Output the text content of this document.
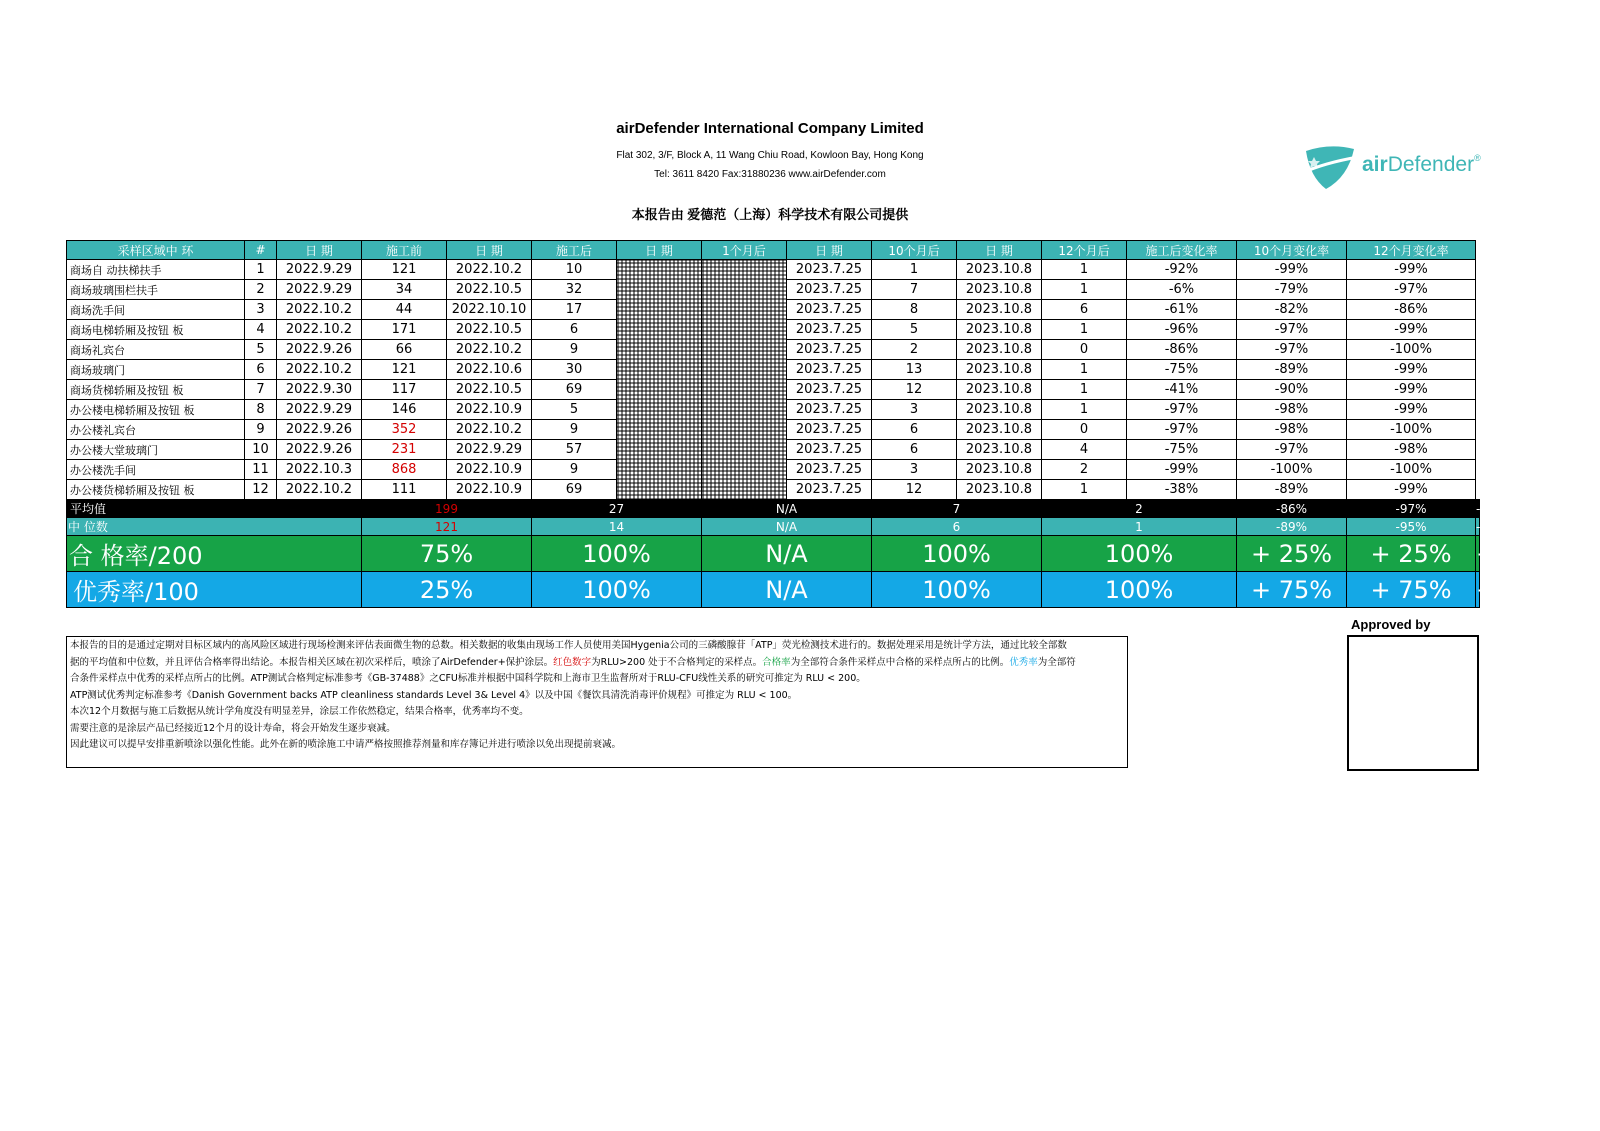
airDefender International Company Limited
Flat 302, 3/F, Block A, 11 Wang Chiu Road, Kowloon Bay, Hong Kong
Tel: 3611 8420 Fax:31880236 www.airDefender.com
本报告由 爱德范（上海）科学技术有限公司提供
airDefender®
采样区域中 环	#	日 期	施工前	日 期	施工后	日 期	1个月后	日 期	10个月后	日 期	12个月后	施工后变化率	10个月变化率	12个月变化率	
商场自 动扶梯扶手	1	2022.9.29	121	2022.10.2	10			2023.7.25	1	2023.10.8	1	-92%	-99%	-99%	
商场玻璃围栏扶手	2	2022.9.29	34	2022.10.5	32			2023.7.25	7	2023.10.8	1	-6%	-79%	-97%	
商场洗手间	3	2022.10.2	44	2022.10.10	17			2023.7.25	8	2023.10.8	6	-61%	-82%	-86%	
商场电梯轿厢及按钮 板	4	2022.10.2	171	2022.10.5	6			2023.7.25	5	2023.10.8	1	-96%	-97%	-99%	
商场礼宾台	5	2022.9.26	66	2022.10.2	9			2023.7.25	2	2023.10.8	0	-86%	-97%	-100%	
商场玻璃门	6	2022.10.2	121	2022.10.6	30			2023.7.25	13	2023.10.8	1	-75%	-89%	-99%	
商场货梯轿厢及按钮 板	7	2022.9.30	117	2022.10.5	69			2023.7.25	12	2023.10.8	1	-41%	-90%	-99%	
办公楼电梯轿厢及按钮 板	8	2022.9.29	146	2022.10.9	5			2023.7.25	3	2023.10.8	1	-97%	-98%	-99%	
办公楼礼宾台	9	2022.9.26	352	2022.10.2	9			2023.7.25	6	2023.10.8	0	-97%	-98%	-100%	
办公楼大堂玻璃门	10	2022.9.26	231	2022.9.29	57			2023.7.25	6	2023.10.8	4	-75%	-97%	-98%	
办公楼洗手间	11	2022.10.3	868	2022.10.9	9			2023.7.25	3	2023.10.8	2	-99%	-100%	-100%	
办公楼货梯轿厢及按钮 板	12	2022.10.2	111	2022.10.9	69			2023.7.25	12	2023.10.8	1	-38%	-89%	-99%	
平均值			199		27		N/A		7		2		-86%	-97%	-99%
中 位数			121		14		N/A		6		1		-89%	-95%	-99%
合 格率/200			75%		100%		N/A		100%		100%		+ 25%	+ 25%	+ 25%
优秀率/100			25%		100%		N/A		100%		100%		+ 75%	+ 75%	+ 75%

本报告的目的是通过定期对目标区域内的高风险区域进行现场检测来评估表面微生物的总数。相关数据的收集由现场工作人员使用美国Hygenia公司的三磷酸腺苷「ATP」荧光检测技术进行的。数据处理采用是统计学方法，通过比较全部数

据的平均值和中位数，并且评估合格率得出结论。本报告相关区域在初次采样后，喷涂了AirDefender+保护涂层。红色数字为RLU>200 处于不合格判定的采样点。合格率为全部符合条件采样点中合格的采样点所占的比例。优秀率为全部符

合条件采样点中优秀的采样点所占的比例。ATP测试合格判定标准参考《GB-37488》之CFU标准并根据中国科学院和上海市卫生监督所对于RLU-CFU线性关系的研究可推定为 RLU < 200。

ATP测试优秀判定标准参考《Danish Government backs ATP cleanliness standards Level 3& Level 4》以及中国《餐饮具清洗消毒评价规程》可推定为 RLU < 100。

本次12个月数据与施工后数据从统计学角度没有明显差异，涂层工作依然稳定，结果合格率，优秀率均不变。

需要注意的是涂层产品已经接近12个月的设计寿命，将会开始发生逐步衰减。

因此建议可以提早安排重新喷涂以强化性能。此外在新的喷涂施工中请严格按照推荐剂量和库存簿记并进行喷涂以免出现提前衰减。

Approved by
